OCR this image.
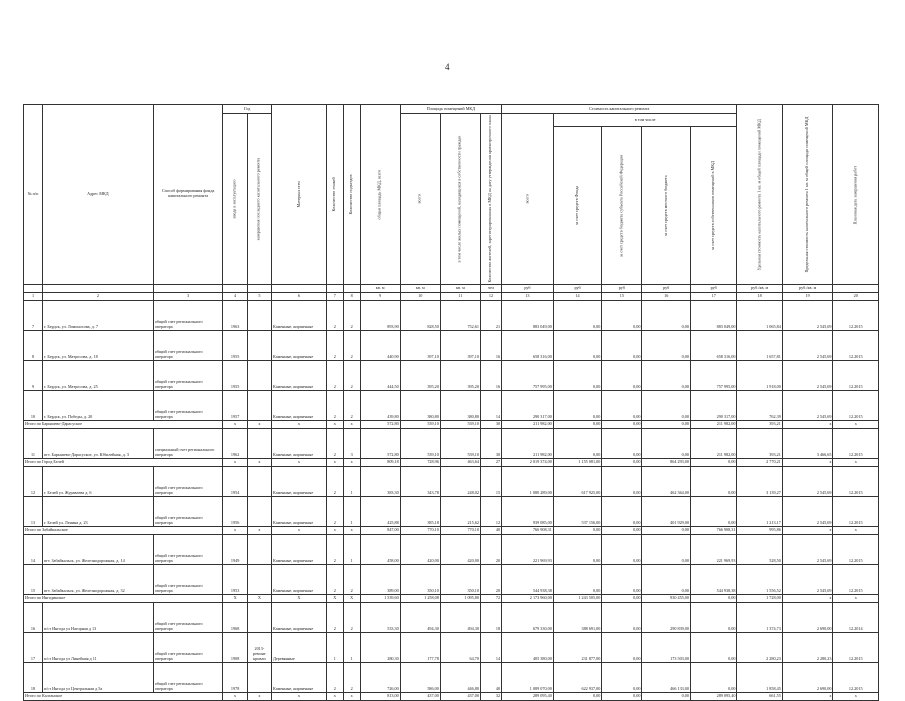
4
№ п/п	Адрес МКД	Способ формирования фонда капитального ремонта	Год		Материал стен	Количество этажей	Количество подъездов	общая площадь МКД, всего	Площадь помещений МКД			Стоимость капитального ремонта					Удельная стоимость капитального ремонта 1 кв. м общей площади помещений МКД	Предельная стоимость капитального ремонта 1 кв. м общей площади помещений МКД	Плановая дата завершения работ
			ввода в эксплуатацию	завершения последнего капитального ремонта					всего	в том числе жилых помещений, находящихся в собственности граждан	Количество жителей, зарегистрированных в МКД на дату утверждения краткосрочного плана	всего	в том числе						
													за счет средств Фонда	за счет средств бюджета субъекта Российской Федерации	за счет средств местного бюджета	за счет средств собственников помещений в МКД			
								кв. м	кв. м	кв. м	чел	руб	руб	руб	руб	руб	руб./кв. м	руб./кв. м	
1	2	3	4	5	6	7	8	9	10	11	12	13	14	15	16	17	18	19	20
7	г. Бердск, ул. Ломоносова, д. 7	общий счет регионального оператора	1963		Каменные, кирпичные	2	2	893,90	828,50	752,61	21	883 049,00	0,00	0,00	0,00	883 049,00	1 065,84	2 545,69	12.2015
8	г. Бердск, ул. Матросова, д. 18	общий счет регионального оператора	1955		Каменные, кирпичные	2	2	440,90	397,10	397,10	16	658 316,00	0,00	0,00	0,00	658 316,00	1 657,81	2 545,69	12.2015
9	г. Бердск, ул. Матросова, д. 25	общий счет регионального оператора	1955		Каменные, кирпичные	2	2	444,50	395,20	395,20	16	757 995,00	0,00	0,00	0,00	757 995,00	1 918,00	2 545,69	12.2015
10	г. Бердск, ул. Победы, д. 20	общий счет регионального оператора	1957		Каменные, кирпичные	2	2	439,80	380,80	380,80	14	290 317,00	0,00	0,00	0,00	290 317,00	762,39	2 545,69	12.2015
Итого по Барышево-Дарасуское			x	x	x	x	x	572,80	539,10	539,10	30	211 982,00	0,00	0,00	0,00	211 982,00	393,21	x	x
11	пгт. Барышево-Дарасуское, ул. Юбилейная, д. 3	специальный счет регионального оператора	1962		Каменные, кирпичные	2	3	572,80	539,10	539,10	30	211 982,00	0,00	0,00	0,00	211 982,00	393,21	3 466,65	12.2015
Итого по Город Белей			x	x	x	x	x	809,18	728,96	463,64	27	2 019 374,00	1 155 081,00	0,00	864 293,00	0,00	2 770,21	x	x
12	г. Белей ул. Журавлева д. 6	общий счет регионального оператора	1954		Каменные, кирпичные	2	1	383,30	343,78	248,02	15	1 080 289,00	617 925,00	0,00	462 364,00	0,00	3 139,27	2 545,69	12.2015
13	г. Белей ул. Ленина д. 23	общий счет регионального оператора	1956		Каменные, кирпичные	2	1	425,88	385,18	215,62	12	939 085,00	537 156,00	0,00	401 929,00	0,00	1 213,17	2 545,69	12.2015
Итого по Забайкальское			x	x	x	x	x	847,00	770,10	770,10	40	766 908,31	0,00	0,00	0,00	766 908,31	995,86	x	x
14	пгт. Забайкальск, ул. Железнодорожная, д. 14	общий счет регионального оператора	1949		Каменные, кирпичные	2	1	458,00	420,00	420,00	20	221 969,93	0,00	0,00	0,00	221 969,93	528,50	2 545,69	12.2015
15	пгт. Забайкальск, ул. Железнодорожная, д. 32	общий счет регионального оператора	1953		Каменные, кирпичные	2	2	389,00	350,10	350,10	20	544 938,38	0,00	0,00	0,00	544 938,38	1 556,52	2 545,69	12.2015
Итого по Ингодинское			X	X	X	X	X	1 539,60	1 258,08	1 095,80	72	2 173 960,00	1 243 505,00	0,00	930 455,00	0,00	1 728,00	x	x
16	п/ст Ингода ул Нагорная д 13	общий счет регионального оператора	1968		Каменные, кирпичные	2	2	533,30	494,30	494,30	18	679 330,00	388 691,00	0,00	290 839,00	0,00	1 374,73	2 690,00	12.2014
17	п/ст Ингода ул Линейная д 11	общий счет регионального оператора	1908	2013-ремонт кровли	Деревянные	1	1	280,30	177,78	64,70	14	405 380,00	231 877,00	0,00	173 503,00	0,00	2 280,23	2 280,23	12.2015
18	п/ст Ингода ул Центральная д 5а	общий счет регионального оператора	1978		Каменные, кирпичные	2	2	726,00	586,00	446,80	40	1 089 070,00	622 937,00	0,00	466 133,00	0,00	1 858,45	2 690,00	12.2015
Итого по Калганское			x	x	x	x	x	813,00	437,00	437,00	32	289 095,40	0,00	0,00	0,00	289 095,40	661,55	x	x
